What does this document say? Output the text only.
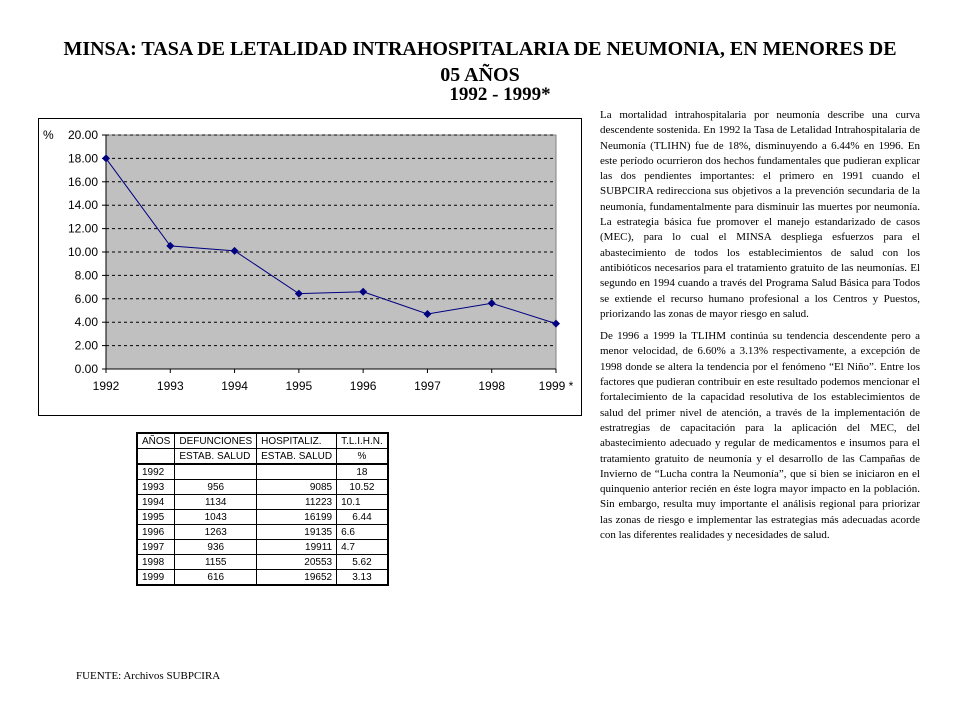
MINSA: TASA DE LETALIDAD INTRAHOSPITALARIA DE NEUMONIA, EN MENORES DE 05 AÑOS
1992 - 1999*
0.00
2.00
4.00
6.00
8.00
10.00
12.00
14.00
16.00
18.00
20.00
1992	1993	1994	1995	1996	1997	1998	1999 *
%
AÑOS	DEFUNCIONES	HOSPITALIZ.	T.L.I.H.N.
	ESTAB. SALUD	ESTAB. SALUD	%
1992			18
1993	956	9085	10.52
1994	1134	11223	10.1
1995	1043	16199	6.44
1996	1263	19135	6.6
1997	936	19911	4.7
1998	1155	20553	5.62
1999	616	19652	3.13
FUENTE: Archivos SUBPCIRA

La mortalidad intrahospitalaria por neumonía describe una curva descendente sostenida. En 1992 la Tasa de Letalidad Intrahospitalaria de Neumonía (TLIHN) fue de 18%, disminuyendo a 6.44% en 1996. En este período ocurrieron dos hechos fundamentales que pudieran explicar las dos pendientes importantes: el primero en 1991 cuando el SUBPCIRA redirecciona sus objetivos a la prevención secundaria de la neumonía, fundamentalmente para disminuir las muertes por neumonía. La estrategia básica fue promover el manejo estandarizado de casos (MEC), para lo cual el MINSA despliega esfuerzos para el abastecimiento de todos los establecimientos de salud con los antibióticos necesarios para el tratamiento gratuito de las neumonías. El segundo en 1994 cuando a través del Programa Salud Básica para Todos se extiende el recurso humano profesional a los Centros y Puestos, priorizando las zonas de mayor riesgo en salud.

De 1996 a 1999 la TLIHM continúa su tendencia descendente pero a menor velocidad, de 6.60% a 3.13% respectivamente, a excepción de 1998 donde se altera la tendencia por el fenómeno “El Niño”. Entre los factores que pudieran contribuir en este resultado podemos mencionar el fortalecimiento de la capacidad resolutiva de los establecimientos de salud del primer nivel de atención, a través de la implementación de estratregias de capacitación para la aplicación del MEC, del abastecimiento adecuado y regular de medicamentos e insumos para el tratamiento gratuito de neumonía y el desarrollo de las Campañas de Invierno de “Lucha contra la Neumonía”, que si bien se iniciaron en el quinquenio anterior recién en éste logra mayor impacto en la población. Sin embargo, resulta muy importante el análisis regional para priorizar las zonas de riesgo e implementar las estrategias más adecuadas acorde con las diferentes realidades y necesidades de salud.
